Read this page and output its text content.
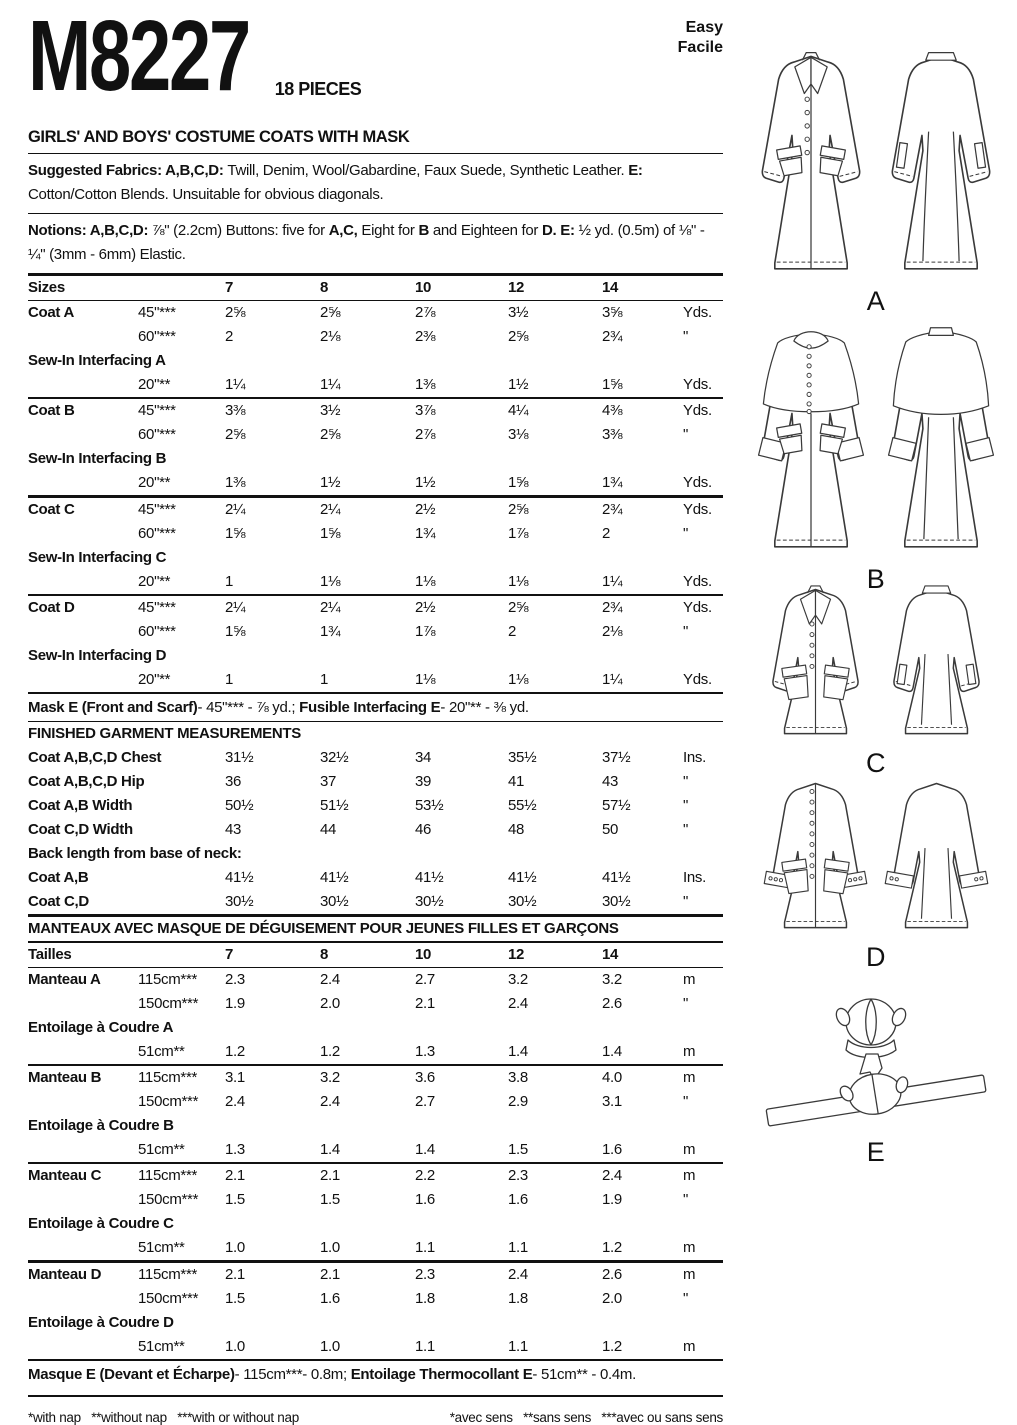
M8227 18 PIECES
Easy
Facile
GIRLS' AND BOYS' COSTUME COATS WITH MASK
Suggested Fabrics: A,B,C,D: Twill, Denim, Wool/Gabardine, Faux Suede, Synthetic Leather. E: Cotton/Cotton Blends. Unsuitable for obvious diagonals.
Notions: A,B,C,D: ⅞" (2.2cm) Buttons: five for A,C, Eight for B and Eighteen for D. E: ½ yd. (0.5m) of ⅛" - ¼" (3mm - 6mm) Elastic.
Sizes	7	8	10	12	14
Coat A	45"***	2⅝	2⅝	2⅞	3½	3⅝	Yds.
60"***	2	2⅛	2⅜	2⅝	2¾	"
Sew-In Interfacing A
20"**	1¼	1¼	1⅜	1½	1⅝	Yds.
Coat B	45"***	3⅜	3½	3⅞	4¼	4⅜	Yds.
60"***	2⅝	2⅝	2⅞	3⅛	3⅜	"
Sew-In Interfacing B
20"**	1⅜	1½	1½	1⅝	1¾	Yds.
Coat C	45"***	2¼	2¼	2½	2⅝	2¾	Yds.
60"***	1⅝	1⅝	1¾	1⅞	2	"
Sew-In Interfacing C
20"**	1	1⅛	1⅛	1⅛	1¼	Yds.
Coat D	45"***	2¼	2¼	2½	2⅝	2¾	Yds.
60"***	1⅝	1¾	1⅞	2	2⅛	"
Sew-In Interfacing D
20"**	1	1	1⅛	1⅛	1¼	Yds.
Mask E (Front and Scarf)- 45"*** - ⅞ yd.; Fusible Interfacing E- 20"** - ⅜ yd.
FINISHED GARMENT MEASUREMENTS
Coat A,B,C,D Chest	31½	32½	34	35½	37½	Ins.
Coat A,B,C,D Hip	36	37	39	41	43	"
Coat A,B Width	50½	51½	53½	55½	57½	"
Coat C,D Width	43	44	46	48	50	"
Back length from base of neck:
Coat A,B	41½	41½	41½	41½	41½	Ins.
Coat C,D	30½	30½	30½	30½	30½	"
MANTEAUX AVEC MASQUE DE DÉGUISEMENT POUR JEUNES FILLES ET GARÇONS
Tailles	7	8	10	12	14
Manteau A	115cm***	2.3	2.4	2.7	3.2	3.2	m
150cm***	1.9	2.0	2.1	2.4	2.6	"
Entoilage à Coudre A
51cm**	1.2	1.2	1.3	1.4	1.4	m
Manteau B	115cm***	3.1	3.2	3.6	3.8	4.0	m
150cm***	2.4	2.4	2.7	2.9	3.1	"
Entoilage à Coudre B
51cm**	1.3	1.4	1.4	1.5	1.6	m
Manteau C	115cm***	2.1	2.1	2.2	2.3	2.4	m
150cm***	1.5	1.5	1.6	1.6	1.9	"
Entoilage à Coudre C
51cm**	1.0	1.0	1.1	1.1	1.2	m
Manteau D	115cm***	2.1	2.1	2.3	2.4	2.6	m
150cm***	1.5	1.6	1.8	1.8	2.0	"
Entoilage à Coudre D
51cm**	1.0	1.0	1.1	1.1	1.2	m
Masque E (Devant et Écharpe)- 115cm***- 0.8m; Entoilage Thermocollant E- 51cm** - 0.4m.
*with nap   **without nap   ***with or without nap	*avec sens   **sans sens   ***avec ou sans sens
A
B
C
D
E
